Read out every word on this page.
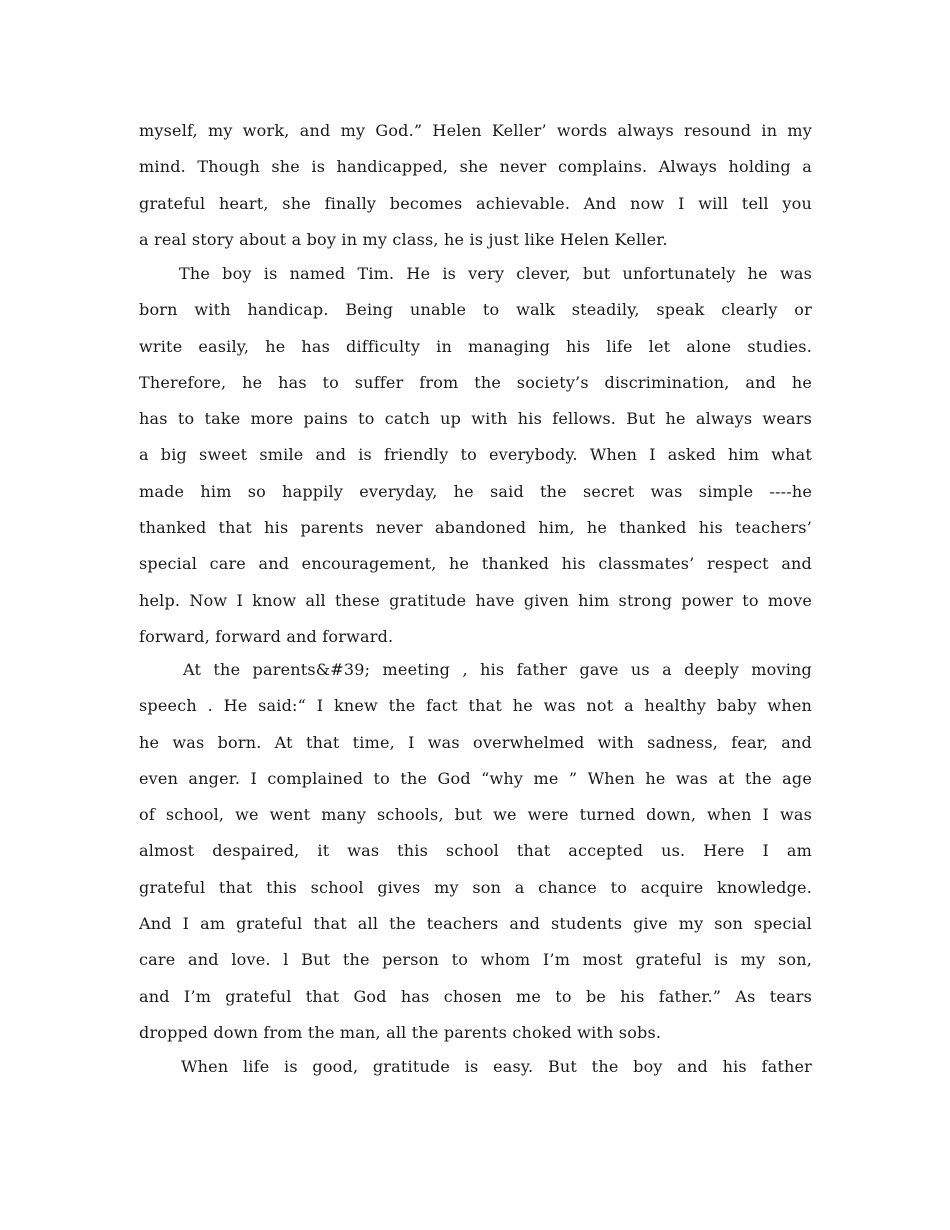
myself, my work, and my God.” Helen Keller’ words always resound in my
mind. Though she is handicapped, she never complains. Always holding a
grateful heart, she finally becomes achievable. And now I will tell you
a real story about a boy in my class, he is just like Helen Keller.
The boy is named Tim. He is very clever, but unfortunately he was
born with handicap. Being unable to walk steadily, speak clearly or
write easily, he has difficulty in managing his life let alone studies.
Therefore, he has to suffer from the society’s discrimination, and he
has to take more pains to catch up with his fellows. But he always wears
a big sweet smile and is friendly to everybody. When I asked him what
made him so happily everyday, he said the secret was simple ----he
thanked that his parents never abandoned him, he thanked his teachers’
special care and encouragement, he thanked his classmates’ respect and
help. Now I know all these gratitude have given him strong power to move
forward, forward and forward.
At the parents&#39; meeting , his father gave us a deeply moving
speech . He said:“ I knew the fact that he was not a healthy baby when
he was born. At that time, I was overwhelmed with sadness, fear, and
even anger. I complained to the God “why me ” When he was at the age
of school, we went many schools, but we were turned down, when I was
almost despaired, it was this school that accepted us. Here I am
grateful that this school gives my son a chance to acquire knowledge.
And I am grateful that all the teachers and students give my son special
care and love. l But the person to whom I’m most grateful is my son,
and I’m grateful that God has chosen me to be his father.” As tears
dropped down from the man, all the parents choked with sobs.
When life is good, gratitude is easy. But the boy and his father
